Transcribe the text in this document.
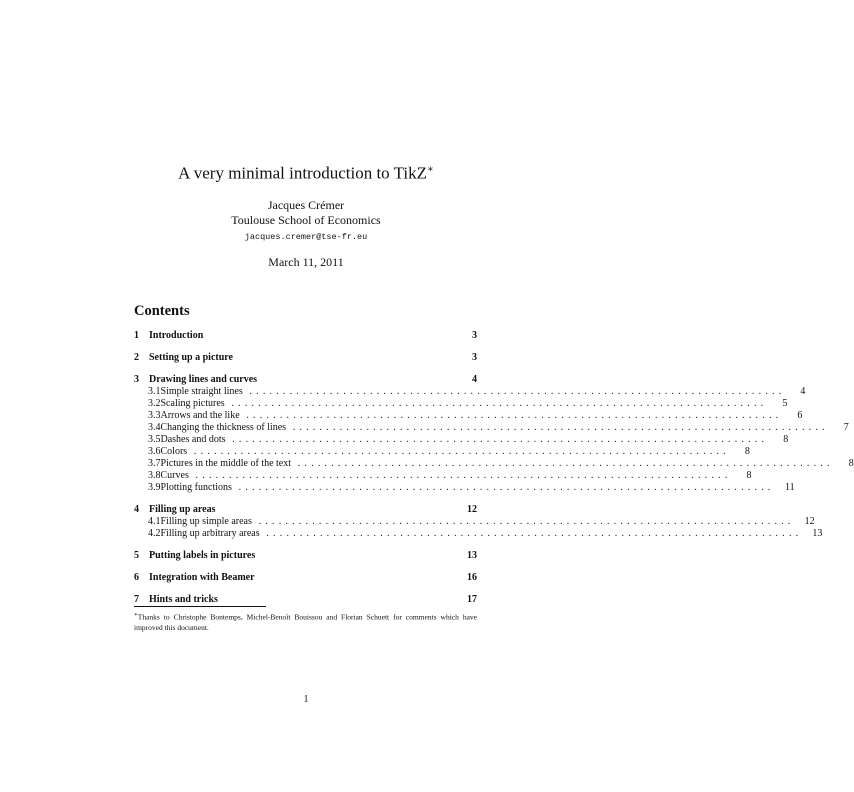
A very minimal introduction to TikZ∗
Jacques Crémer
Toulouse School of Economics
jacques.cremer@tse-fr.eu
March 11, 2011
Contents
1	Introduction	3
2	Setting up a picture	3
3	Drawing lines and curves	4
3.1 Simple straight lines ................................................................................	4
3.2 Scaling pictures ................................................................................	5
3.3 Arrows and the like ................................................................................	6
3.4 Changing the thickness of lines ................................................................................	7
3.5 Dashes and dots ................................................................................	8
3.6 Colors ................................................................................	8
3.7 Pictures in the middle of the text ................................................................................	8
3.8 Curves ................................................................................	8
3.9 Plotting functions ................................................................................	11
4	Filling up areas	12
4.1 Filling up simple areas ................................................................................	12
4.2 Filling up arbitrary areas ................................................................................	13
5	Putting labels in pictures	13
6	Integration with Beamer	16
7	Hints and tricks	17
∗Thanks to Christophe Bontemps, Michel-Benoît Bouissou and Florian Schuett for comments which have improved this document.
1
